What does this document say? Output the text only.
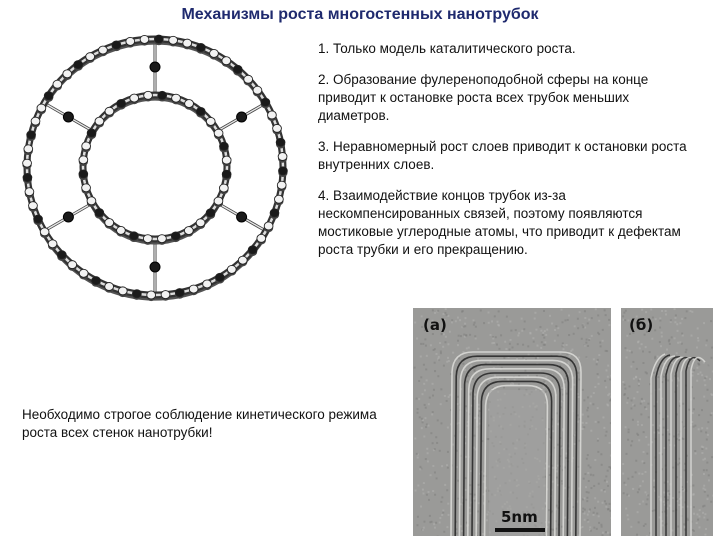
Механизмы роста многостенных нанотрубок
1. Только модель каталитического роста.
2. Образование фулереноподобной сферы на конце приводит к остановке роста всех трубок меньших диаметров.
3. Неравномерный рост слоев приводит к остановки роста внутренних слоев.
4. Взаимодействие концов трубок из-за нескомпенсированных связей, поэтому появляются мостиковые углеродные атомы, что приводит к дефектам роста трубки и его прекращению.
Необходимо строгое соблюдение кинетического режима роста всех стенок нанотрубки!
(a)
5nm
(б)
